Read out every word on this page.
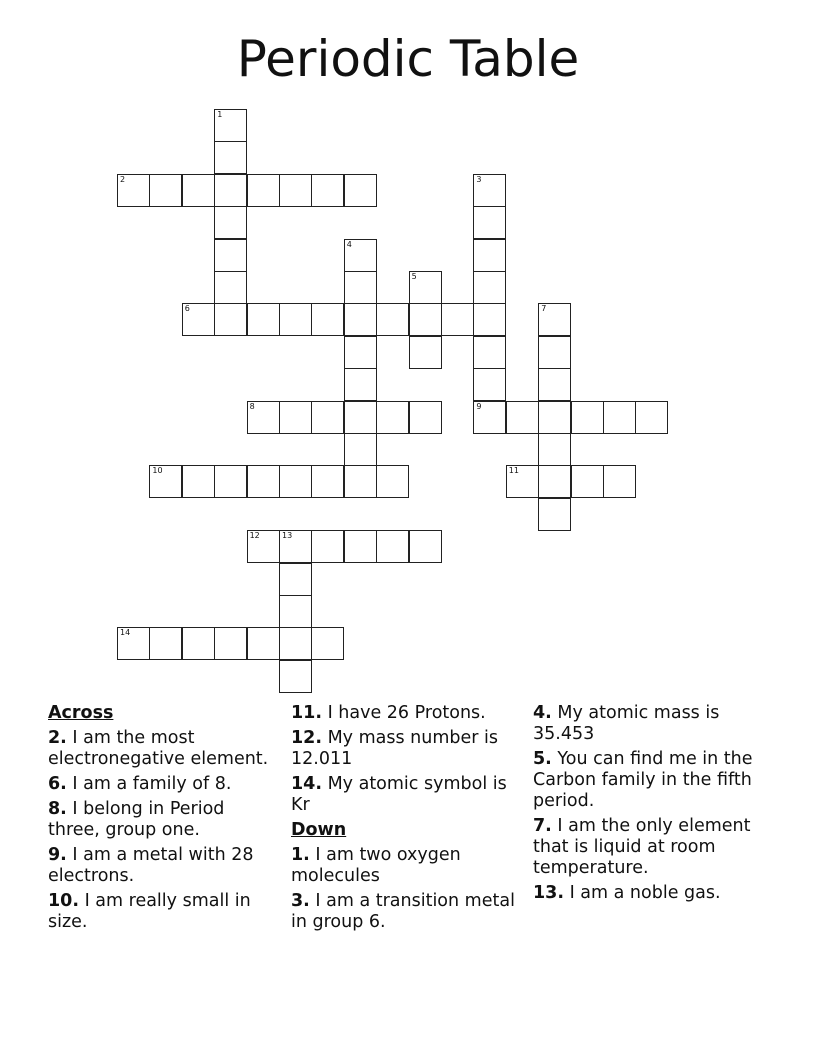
Periodic Table
1
2	3
4
5
6	7
8	9
10	11
12	13
14
Across
2. I am the most electronegative element.
6. I am a family of 8.
8. I belong in Period three, group one.
9. I am a metal with 28 electrons.
10. I am really small in size.
11. I have 26 Protons.
12. My mass number is 12.011
14. My atomic symbol is Kr
Down
1. I am two oxygen molecules
3. I am a transition metal in group 6.
4. My atomic mass is 35.453
5. You can find me in the Carbon family in the fifth period.
7. I am the only element that is liquid at room temperature.
13. I am a noble gas.
